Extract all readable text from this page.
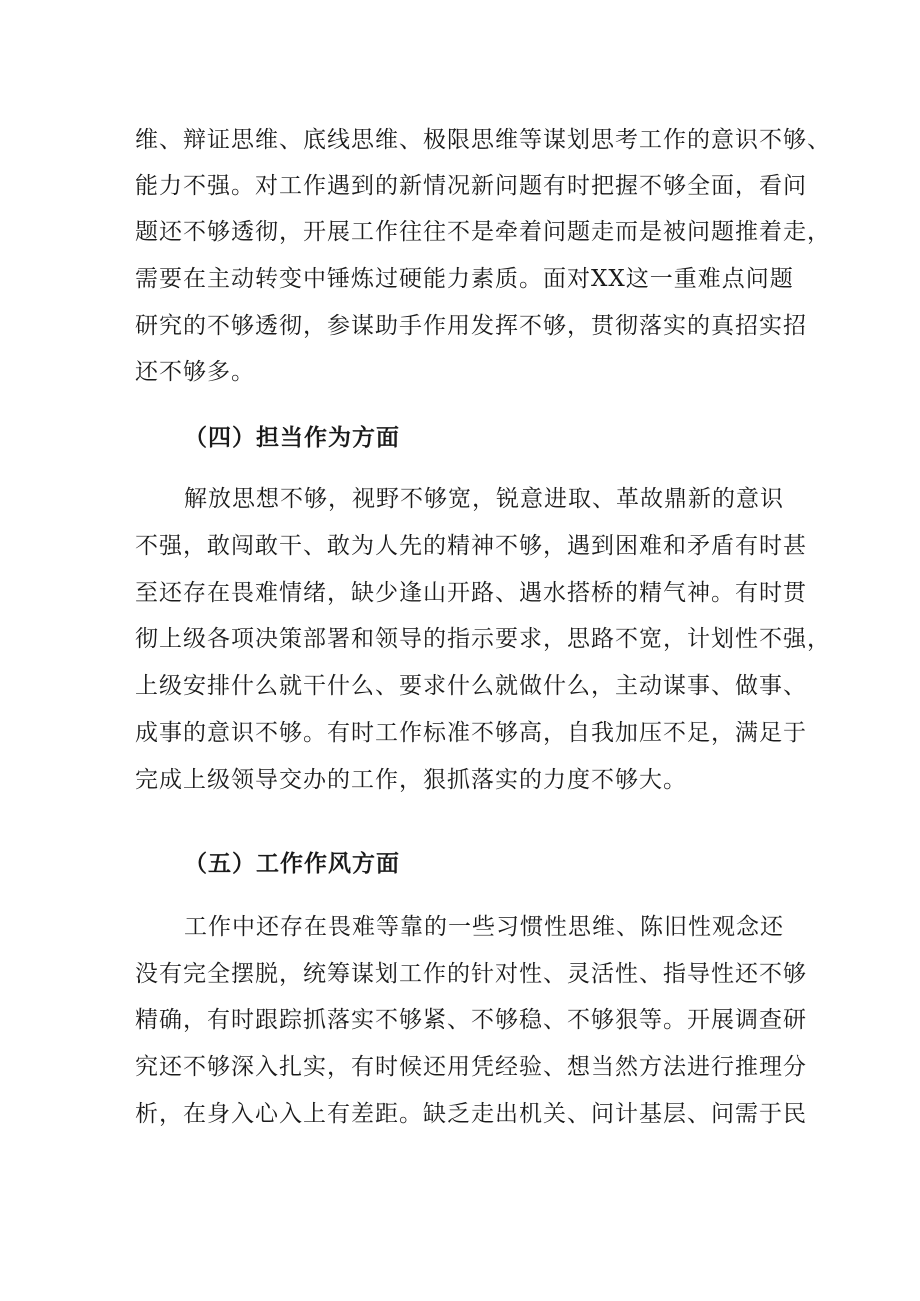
维、辩证思维、底线思维、极限思维等谋划思考工作的意识不够、
能力不强。对工作遇到的新情况新问题有时把握不够全面，看问
题还不够透彻，开展工作往往不是牵着问题走而是被问题推着走，
需要在主动转变中锤炼过硬能力素质。面对XX这一重难点问题
研究的不够透彻，参谋助手作用发挥不够，贯彻落实的真招实招
还不够多。
（四）担当作为方面
解放思想不够，视野不够宽，锐意进取、革故鼎新的意识
不强，敢闯敢干、敢为人先的精神不够，遇到困难和矛盾有时甚
至还存在畏难情绪，缺少逢山开路、遇水搭桥的精气神。有时贯
彻上级各项决策部署和领导的指示要求，思路不宽，计划性不强，
上级安排什么就干什么、要求什么就做什么，主动谋事、做事、
成事的意识不够。有时工作标准不够高，自我加压不足，满足于
完成上级领导交办的工作，狠抓落实的力度不够大。
（五）工作作风方面
工作中还存在畏难等靠的一些习惯性思维、陈旧性观念还
没有完全摆脱，统筹谋划工作的针对性、灵活性、指导性还不够
精确，有时跟踪抓落实不够紧、不够稳、不够狠等。开展调查研
究还不够深入扎实，有时候还用凭经验、想当然方法进行推理分
析，在身入心入上有差距。缺乏走出机关、问计基层、问需于民
